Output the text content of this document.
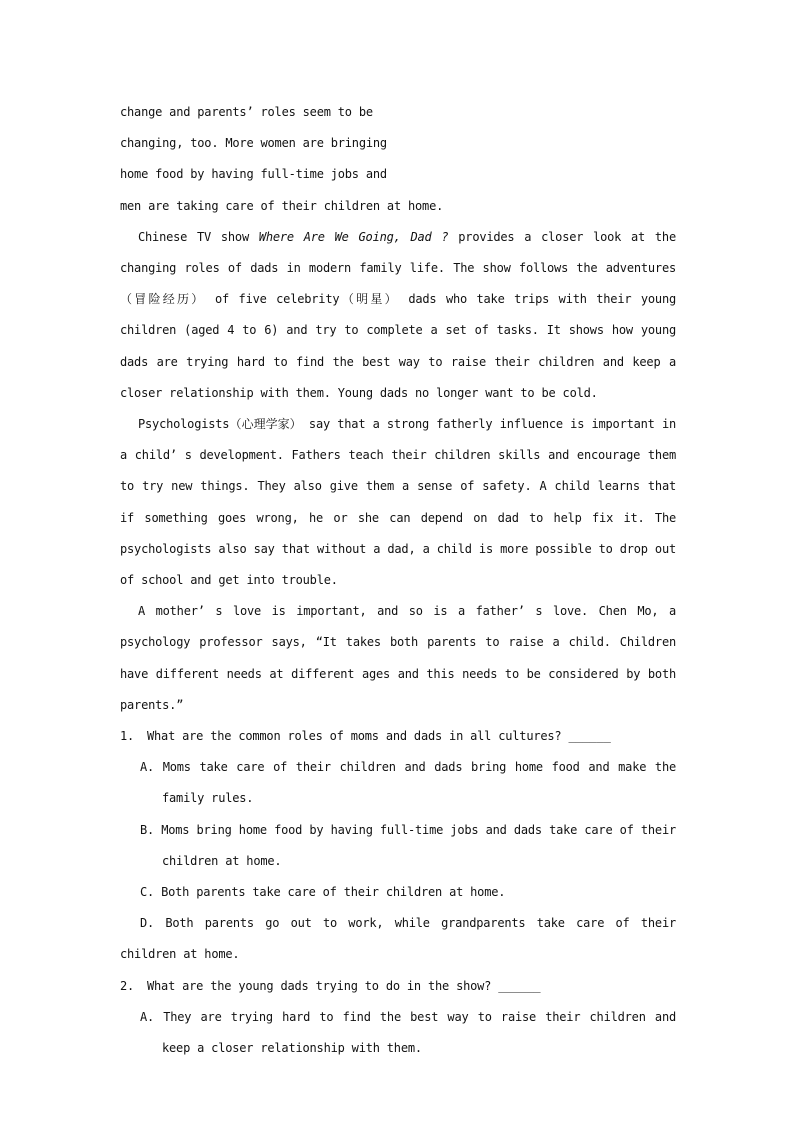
change and parents’ roles seem to be
changing, too. More women are bringing
home food by having full-time jobs and
men are taking care of their children at home.
Chinese TV show Where Are We Going, Dad ? provides a closer look at the changing roles of dads in modern family life. The show follows the adventures（冒险经历） of five celebrity（明星） dads who take trips with their young children (aged 4 to 6) and try to complete a set of tasks. It shows how young dads are trying hard to find the best way to raise their children and keep a closer relationship with them. Young dads no longer want to be cold.
Psychologists（心理学家） say that a strong fatherly influence is important in a child’ s development. Fathers teach their children skills and encourage them to try new things. They also give them a sense of safety. A child learns that if something goes wrong, he or she can depend on dad to help fix it. The psychologists also say that without a dad, a child is more possible to drop out of school and get into trouble.
A mother’ s love is important, and so is a father’ s love. Chen Mo, a psychology professor says, “It takes both parents to raise a child. Children have different needs at different ages and this needs to be considered by both parents.”
1. What are the common roles of moms and dads in all cultures? ______
A. Moms take care of their children and dads bring home food and make the family rules.
B. Moms bring home food by having full-time jobs and dads take care of their children at home.
C. Both parents take care of their children at home.
D. Both parents go out to work, while grandparents take care of their children at home.
2. What are the young dads trying to do in the show? ______
A. They are trying hard to find the best way to raise their children and keep a closer relationship with them.
